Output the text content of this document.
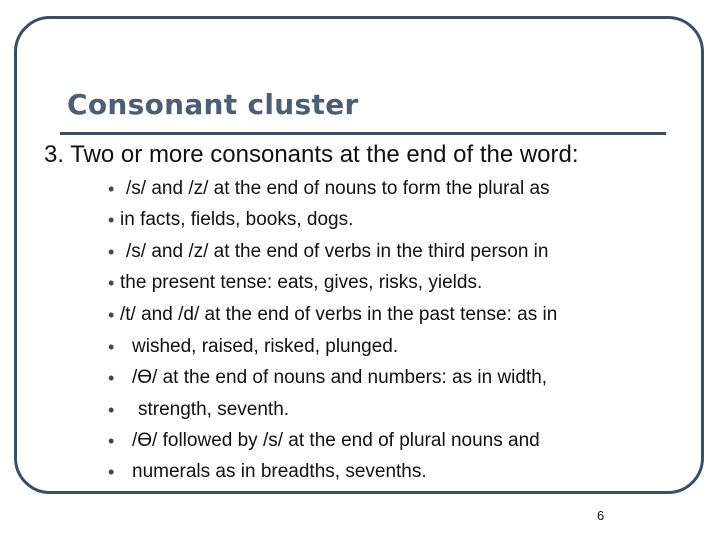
Consonant cluster
3. Two or more consonants at the end of the word:
•
•
•
•
•
•
•
•
•
•
/s/ and /z/ at the end of nouns to form the plural as
in facts, fields, books, dogs.
/s/ and /z/ at the end of verbs in the third person in
the present tense: eats, gives, risks, yields.
/t/ and /d/ at the end of verbs in the past tense: as in
wished, raised, risked, plunged.
/Ɵ/ at the end of nouns and numbers: as in width,
strength, seventh.
/Ɵ/ followed by /s/ at the end of plural nouns and
numerals as in breadths, sevenths.
6
